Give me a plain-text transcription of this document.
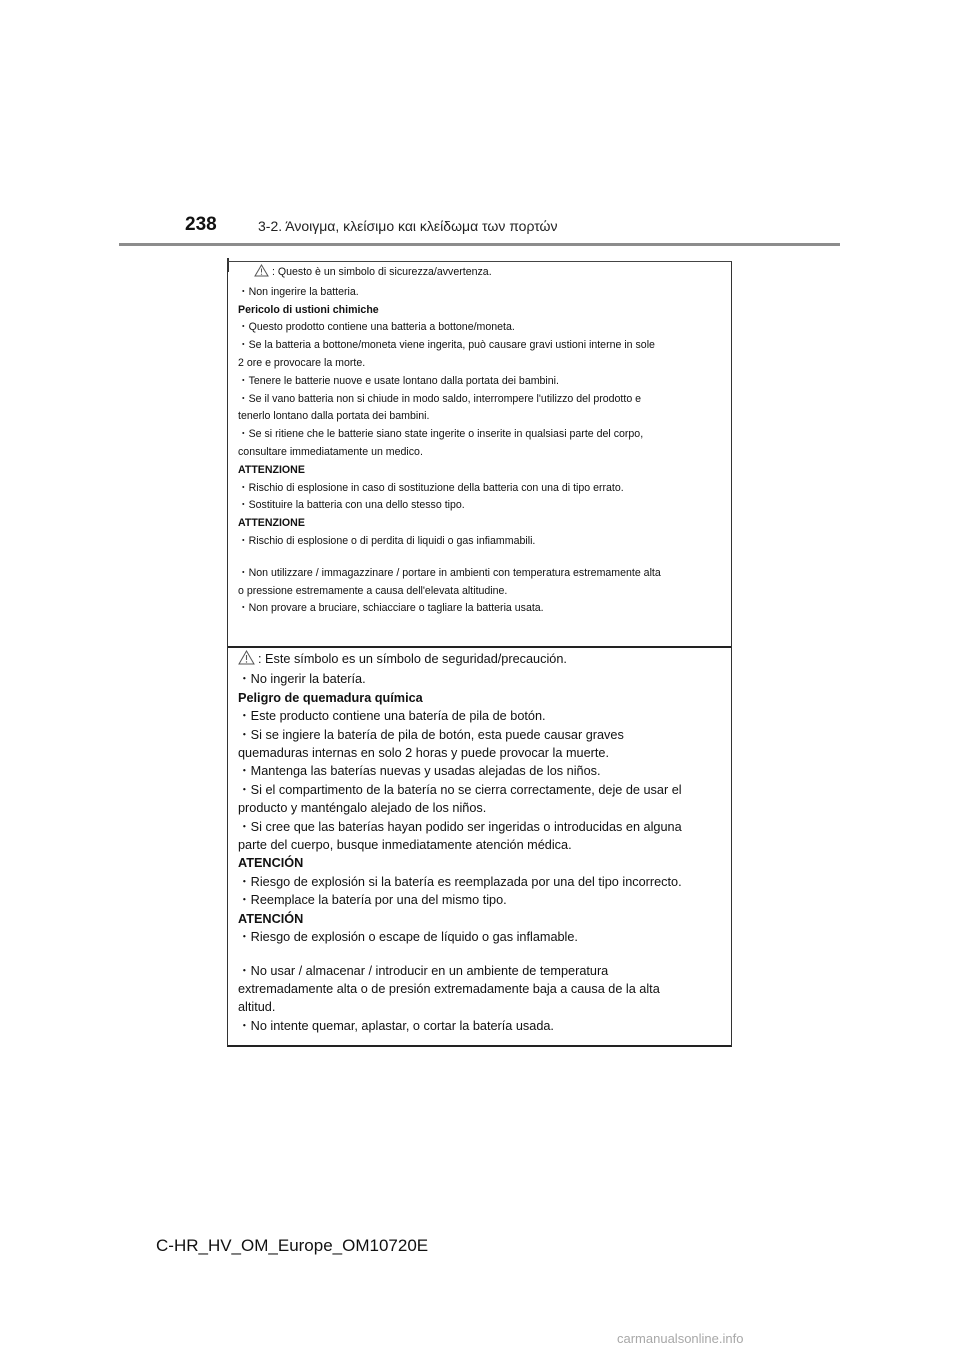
238	3-2. Άνοιγμα, κλείσιμο και κλείδωμα των πορτών
: Questo è un simbolo di sicurezza/avvertenza.
・Non ingerire la batteria.
Pericolo di ustioni chimiche
・Questo prodotto contiene una batteria a bottone/moneta.
・Se la batteria a bottone/moneta viene ingerita, può causare gravi ustioni interne in sole
2 ore e provocare la morte.
・Tenere le batterie nuove e usate lontano dalla portata dei bambini.
・Se il vano batteria non si chiude in modo saldo, interrompere l'utilizzo del prodotto e
tenerlo lontano dalla portata dei bambini.
・Se si ritiene che le batterie siano state ingerite o inserite in qualsiasi parte del corpo,
consultare immediatamente un medico.
ATTENZIONE
・Rischio di esplosione in caso di sostituzione della batteria con una di tipo errato.
・Sostituire la batteria con una dello stesso tipo.
ATTENZIONE
・Rischio di esplosione o di perdita di liquidi o gas infiammabili.
・Non utilizzare / immagazzinare / portare in ambienti con temperatura estremamente alta
o pressione estremamente a causa dell'elevata altitudine.
・Non provare a bruciare, schiacciare o tagliare la batteria usata.
: Este símbolo es un símbolo de seguridad/precaución.
・No ingerir la batería.
Peligro de quemadura química
・Este producto contiene una batería de pila de botón.
・Si se ingiere la batería de pila de botón, esta puede causar graves
quemaduras internas en solo 2 horas y puede provocar la muerte.
・Mantenga las baterías nuevas y usadas alejadas de los niños.
・Si el compartimento de la batería no se cierra correctamente, deje de usar el
producto y manténgalo alejado de los niños.
・Si cree que las baterías hayan podido ser ingeridas o introducidas en alguna
parte del cuerpo, busque inmediatamente atención médica.
ATENCIÓN
・Riesgo de explosión si la batería es reemplazada por una del tipo incorrecto.
・Reemplace la batería por una del mismo tipo.
ATENCIÓN
・Riesgo de explosión o escape de líquido o gas inflamable.
・No usar / almacenar / introducir en un ambiente de temperatura
extremadamente alta o de presión extremadamente baja a causa de la alta
altitud.
・No intente quemar, aplastar, o cortar la batería usada.
C-HR_HV_OM_Europe_OM10720E
carmanualsonline.info
